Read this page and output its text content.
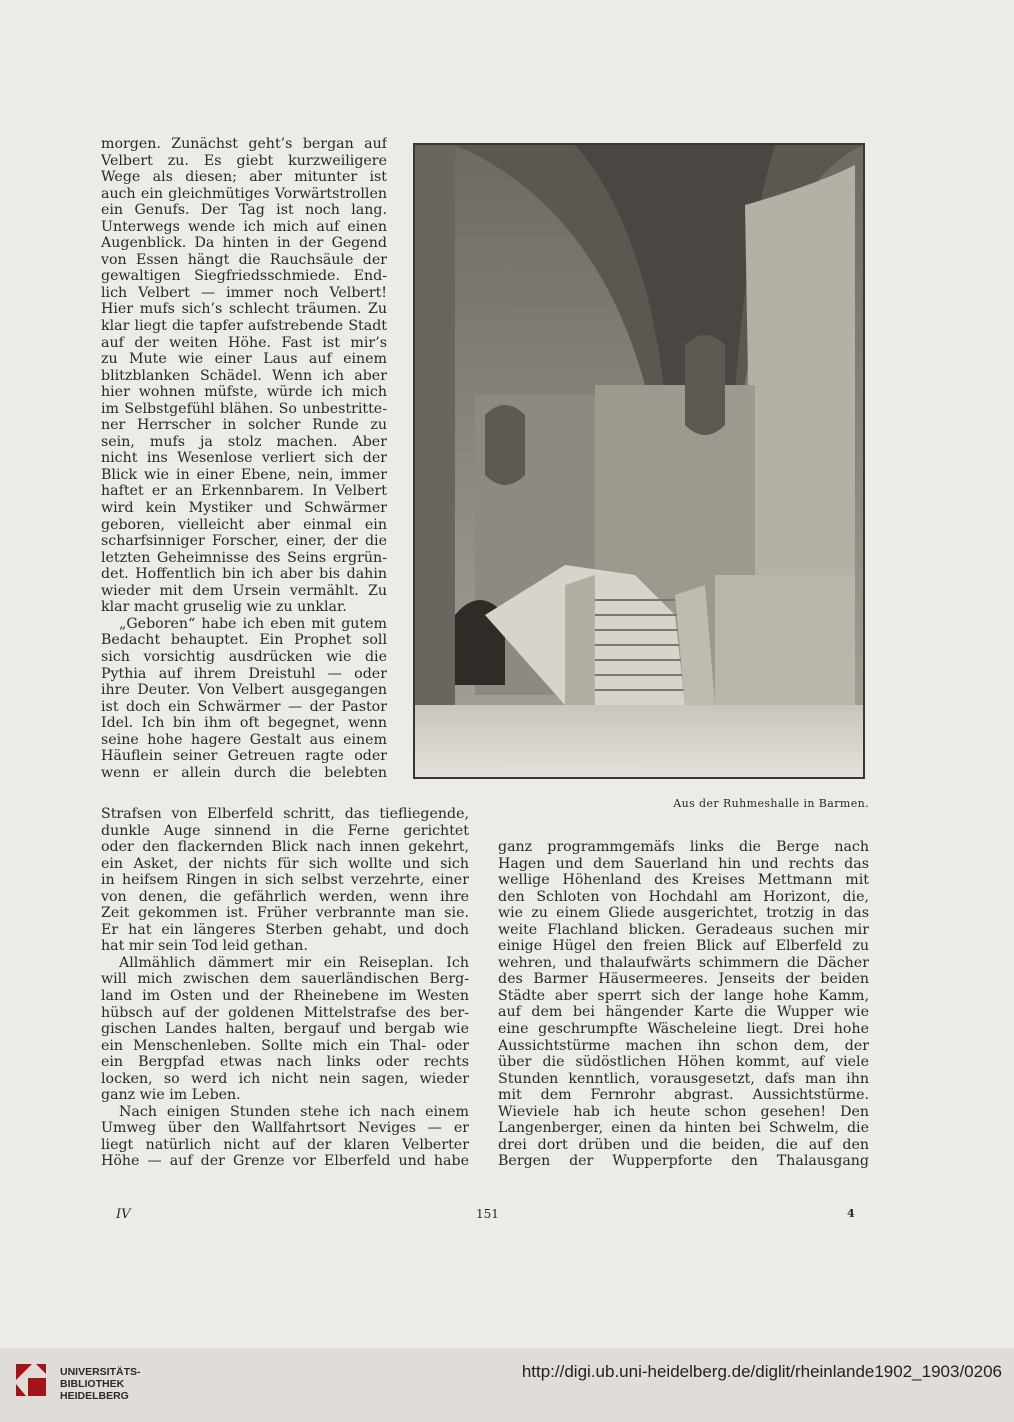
morgen. Zunächst geht’s bergan auf
Velbert zu. Es giebt kurzweiligere
Wege als diesen; aber mitunter ist
auch ein gleichmütiges Vorwärtstrollen
ein Genufs. Der Tag ist noch lang.
Unterwegs wende ich mich auf einen
Augenblick. Da hinten in der Gegend
von Essen hängt die Rauchsäule der
gewaltigen Siegfriedsschmiede. End-
lich Velbert — immer noch Velbert!
Hier mufs sich’s schlecht träumen. Zu
klar liegt die tapfer aufstrebende Stadt
auf der weiten Höhe. Fast ist mir’s
zu Mute wie einer Laus auf einem
blitzblanken Schädel. Wenn ich aber
hier wohnen müfste, würde ich mich
im Selbstgefühl blähen. So unbestritte-
ner Herrscher in solcher Runde zu
sein, mufs ja stolz machen. Aber
nicht ins Wesenlose verliert sich der
Blick wie in einer Ebene, nein, immer
haftet er an Erkennbarem. In Velbert
wird kein Mystiker und Schwärmer
geboren, vielleicht aber einmal ein
scharfsinniger Forscher, einer, der die
letzten Geheimnisse des Seins ergrün-
det. Hoffentlich bin ich aber bis dahin
wieder mit dem Ursein vermählt. Zu
klar macht gruselig wie zu unklar.
„Geboren“ habe ich eben mit gutem
Bedacht behauptet. Ein Prophet soll
sich vorsichtig ausdrücken wie die
Pythia auf ihrem Dreistuhl — oder
ihre Deuter. Von Velbert ausgegangen
ist doch ein Schwärmer — der Pastor
Idel. Ich bin ihm oft begegnet, wenn
seine hohe hagere Gestalt aus einem
Häuflein seiner Getreuen ragte oder
wenn er allein durch die belebten
Aus der Ruhmeshalle in Barmen.
Strafsen von Elberfeld schritt, das tiefliegende,
dunkle Auge sinnend in die Ferne gerichtet
oder den flackernden Blick nach innen gekehrt,
ein Asket, der nichts für sich wollte und sich
in heifsem Ringen in sich selbst verzehrte, einer
von denen, die gefährlich werden, wenn ihre
Zeit gekommen ist. Früher verbrannte man sie.
Er hat ein längeres Sterben gehabt, und doch
hat mir sein Tod leid gethan.
Allmählich dämmert mir ein Reiseplan. Ich
will mich zwischen dem sauerländischen Berg-
land im Osten und der Rheinebene im Westen
hübsch auf der goldenen Mittelstrafse des ber-
gischen Landes halten, bergauf und bergab wie
ein Menschenleben. Sollte mich ein Thal- oder
ein Bergpfad etwas nach links oder rechts
locken, so werd ich nicht nein sagen, wieder
ganz wie im Leben.
Nach einigen Stunden stehe ich nach einem
Umweg über den Wallfahrtsort Neviges — er
liegt natürlich nicht auf der klaren Velberter
Höhe — auf der Grenze vor Elberfeld und habe
ganz programmgemäfs links die Berge nach
Hagen und dem Sauerland hin und rechts das
wellige Höhenland des Kreises Mettmann mit
den Schloten von Hochdahl am Horizont, die,
wie zu einem Gliede ausgerichtet, trotzig in das
weite Flachland blicken. Geradeaus suchen mir
einige Hügel den freien Blick auf Elberfeld zu
wehren, und thalaufwärts schimmern die Dächer
des Barmer Häusermeeres. Jenseits der beiden
Städte aber sperrt sich der lange hohe Kamm,
auf dem bei hängender Karte die Wupper wie
eine geschrumpfte Wäscheleine liegt. Drei hohe
Aussichtstürme machen ihn schon dem, der
über die südöstlichen Höhen kommt, auf viele
Stunden kenntlich, vorausgesetzt, dafs man ihn
mit dem Fernrohr abgrast. Aussichtstürme.
Wieviele hab ich heute schon gesehen! Den
Langenberger, einen da hinten bei Schwelm, die
drei dort drüben und die beiden, die auf den
Bergen der Wupperpforte den Thalausgang
IV	151	4
UNIVERSITÄTS-
BIBLIOTHEK
HEIDELBERG
http://digi.ub.uni-heidelberg.de/diglit/rheinlande1902_1903/0206
